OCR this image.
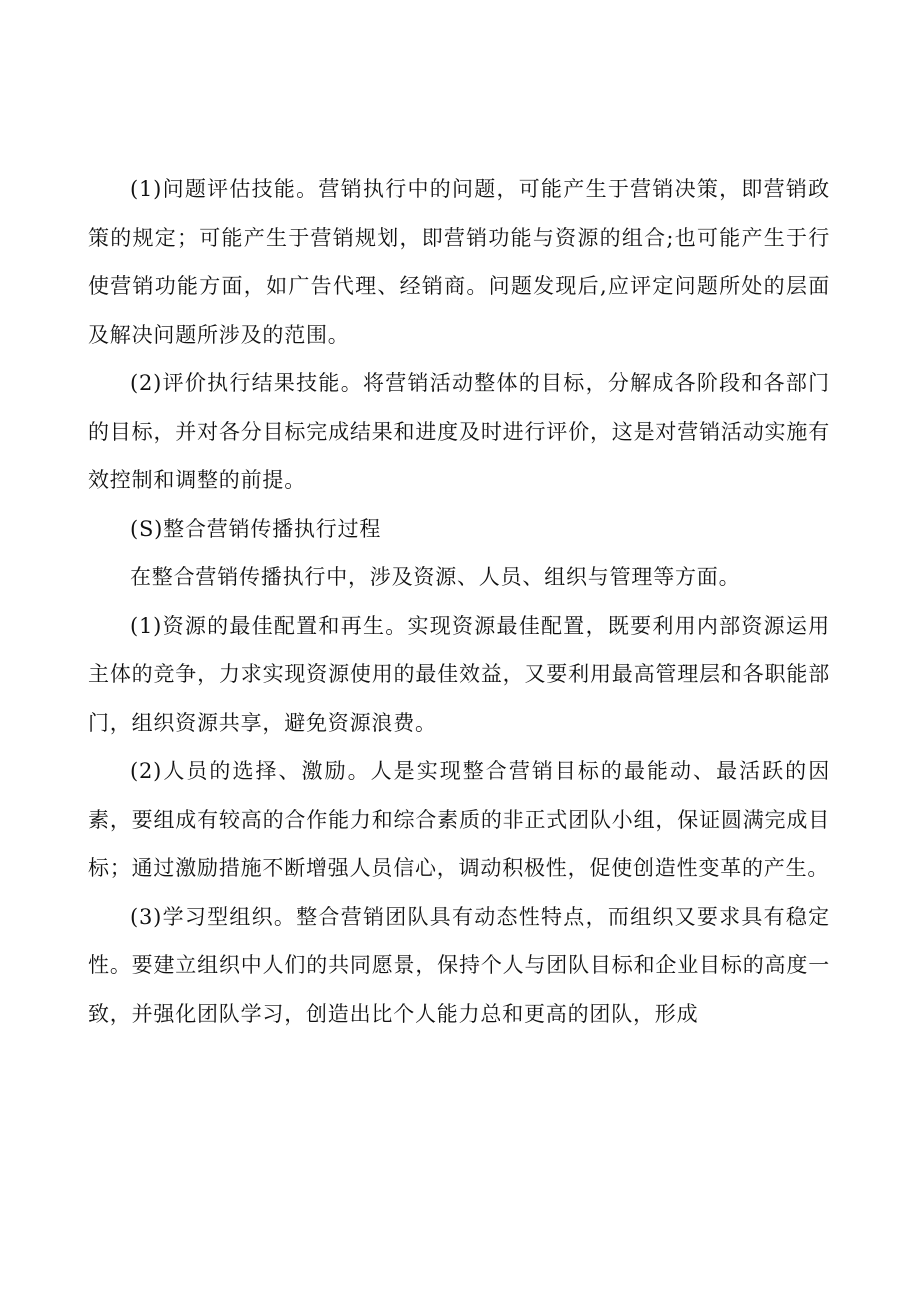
(1)问题评估技能。营销执行中的问题，可能产生于营销决策，即营销政策的规定；可能产生于营销规划，即营销功能与资源的组合;也可能产生于行使营销功能方面，如广告代理、经销商。问题发现后,应评定问题所处的层面及解决问题所涉及的范围。

(2)评价执行结果技能。将营销活动整体的目标，分解成各阶段和各部门的目标，并对各分目标完成结果和进度及时进行评价，这是对营销活动实施有效控制和调整的前提。

(S)整合营销传播执行过程

在整合营销传播执行中，涉及资源、人员、组织与管理等方面。

(1)资源的最佳配置和再生。实现资源最佳配置，既要利用内部资源运用主体的竞争，力求实现资源使用的最佳效益，又要利用最高管理层和各职能部门，组织资源共享，避免资源浪费。

(2)人员的选择、激励。人是实现整合营销目标的最能动、最活跃的因素，要组成有较高的合作能力和综合素质的非正式团队小组，保证圆满完成目标；通过激励措施不断增强人员信心，调动积极性，促使创造性变革的产生。

(3)学习型组织。整合营销团队具有动态性特点，而组织又要求具有稳定性。要建立组织中人们的共同愿景，保持个人与团队目标和企业目标的高度一致，并强化团队学习，创造出比个人能力总和更高的团队，形成
